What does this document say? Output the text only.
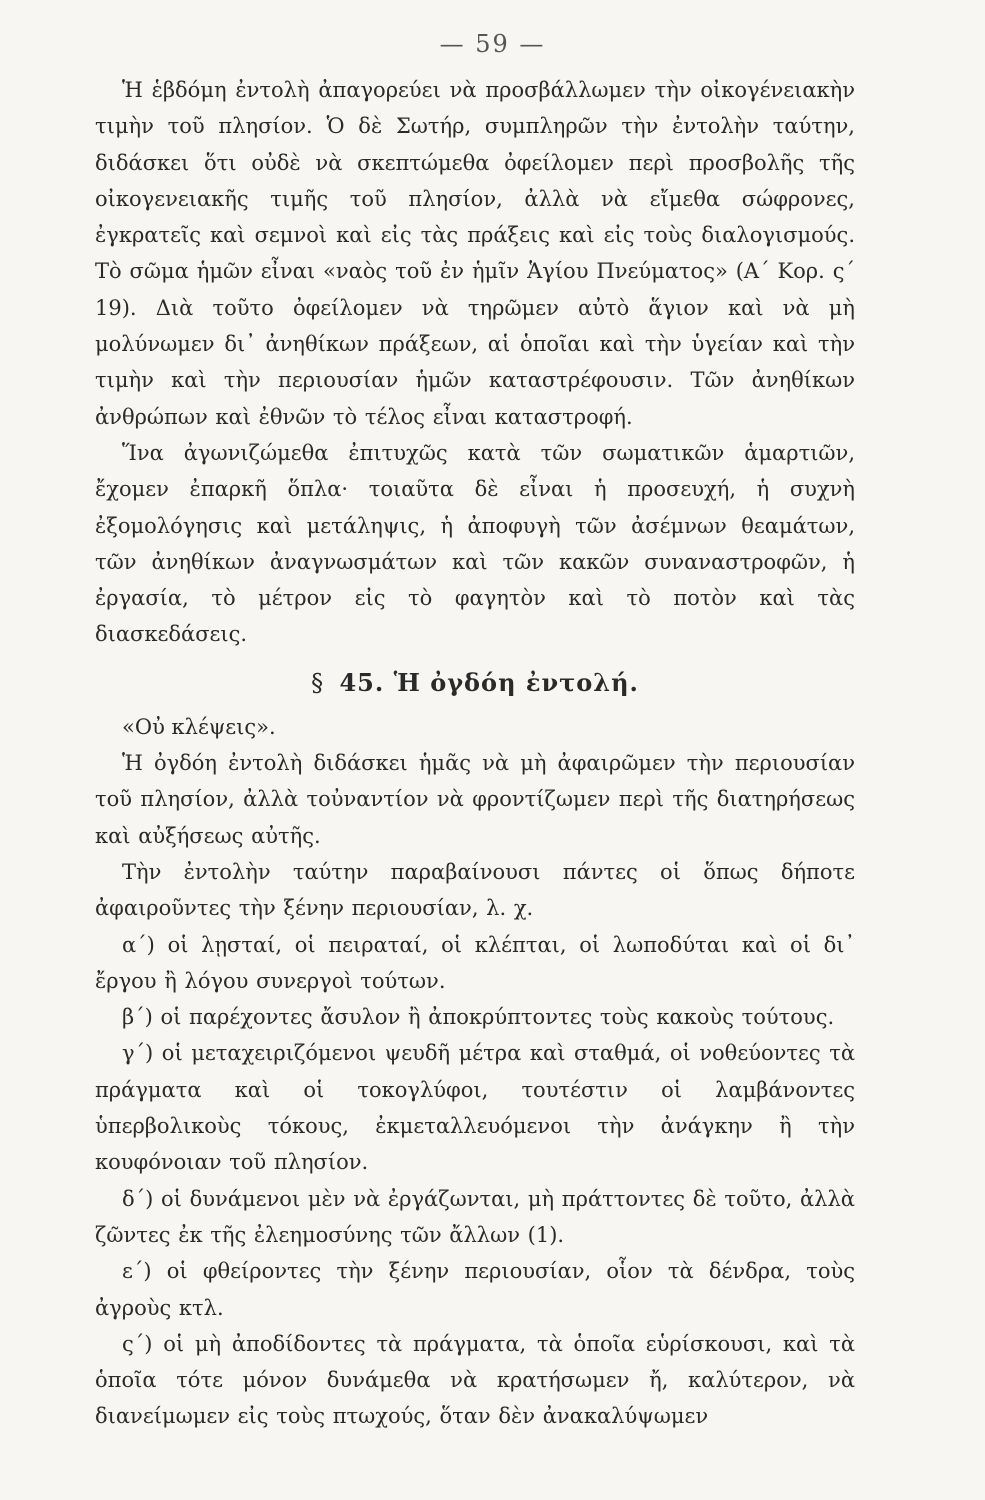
— 59 —

Ἡ ἑβδόμη ἐντολὴ ἀπαγορεύει νὰ προσβάλλωμεν τὴν οἰκογένειακὴν τιμὴν τοῦ πλησίον. Ὁ δὲ Σωτήρ, συμπληρῶν τὴν ἐντολὴν ταύτην, διδάσκει ὅτι οὐδὲ νὰ σκεπτώμεθα ὀφείλομεν περὶ προσβολῆς τῆς οἰκογενειακῆς τιμῆς τοῦ πλησίον, ἀλλὰ νὰ εἴμεθα σώφρονες, ἐγκρατεῖς καὶ σεμνοὶ καὶ εἰς τὰς πράξεις καὶ εἰς τοὺς διαλογισμούς. Τὸ σῶμα ἡμῶν εἶναι «ναὸς τοῦ ἐν ἡμῖν Ἁγίου Πνεύματος» (Α΄ Κορ. ς΄ 19). Διὰ τοῦτο ὀφείλομεν νὰ τηρῶμεν αὐτὸ ἅγιον καὶ νὰ μὴ μολύνωμεν δι᾽ ἀνηθίκων πράξεων, αἱ ὁποῖαι καὶ τὴν ὑγείαν καὶ τὴν τιμὴν καὶ τὴν περιουσίαν ἡμῶν καταστρέφουσιν. Τῶν ἀνηθίκων ἀνθρώπων καὶ ἐθνῶν τὸ τέλος εἶναι καταστροφή.

Ἵνα ἀγωνιζώμεθα ἐπιτυχῶς κατὰ τῶν σωματικῶν ἁμαρτιῶν, ἔχομεν ἐπαρκῆ ὅπλα· τοιαῦτα δὲ εἶναι ἡ προσευχή, ἡ συχνὴ ἐξομολόγησις καὶ μετάληψις, ἡ ἀποφυγὴ τῶν ἀσέμνων θεαμάτων, τῶν ἀνηθίκων ἀναγνωσμάτων καὶ τῶν κακῶν συναναστροφῶν, ἡ ἐργασία, τὸ μέτρον εἰς τὸ φαγητὸν καὶ τὸ ποτὸν καὶ τὰς διασκεδάσεις.

§ 45. Ἡ ὀγδόη ἐντολή.

«Οὐ κλέψεις».

Ἡ ὀγδόη ἐντολὴ διδάσκει ἡμᾶς νὰ μὴ ἀφαιρῶμεν τὴν περιουσίαν τοῦ πλησίον, ἀλλὰ τοὐναντίον νὰ φροντίζωμεν περὶ τῆς διατηρήσεως καὶ αὐξήσεως αὐτῆς.

Τὴν ἐντολὴν ταύτην παραβαίνουσι πάντες οἱ ὅπως δήποτε ἀφαιροῦντες τὴν ξένην περιουσίαν, λ. χ.

α΄) οἱ λῃσταί, οἱ πειραταί, οἱ κλέπται, οἱ λωποδύται καὶ οἱ δι᾽ ἔργου ἢ λόγου συνεργοὶ τούτων.

β΄) οἱ παρέχοντες ἄσυλον ἢ ἀποκρύπτοντες τοὺς κακοὺς τούτους.

γ΄) οἱ μεταχειριζόμενοι ψευδῆ μέτρα καὶ σταθμά, οἱ νοθεύοντες τὰ πράγματα καὶ οἱ τοκογλύφοι, τουτέστιν οἱ λαμβάνοντες ὑπερβολικοὺς τόκους, ἐκμεταλλευόμενοι τὴν ἀνάγκην ἢ τὴν κουφόνοιαν τοῦ πλησίον.

δ΄) οἱ δυνάμενοι μὲν νὰ ἐργάζωνται, μὴ πράττοντες δὲ τοῦτο, ἀλλὰ ζῶντες ἐκ τῆς ἐλεημοσύνης τῶν ἄλλων (1).

ε΄) οἱ φθείροντες τὴν ξένην περιουσίαν, οἷον τὰ δένδρα, τοὺς ἀγροὺς κτλ.

ς΄) οἱ μὴ ἀποδίδοντες τὰ πράγματα, τὰ ὁποῖα εὑρίσκουσι, καὶ τὰ ὁποῖα τότε μόνον δυνάμεθα νὰ κρατήσωμεν ἤ, καλύτερον, νὰ διανείμωμεν εἰς τοὺς πτωχούς, ὅταν δὲν ἀνακαλύψωμεν
